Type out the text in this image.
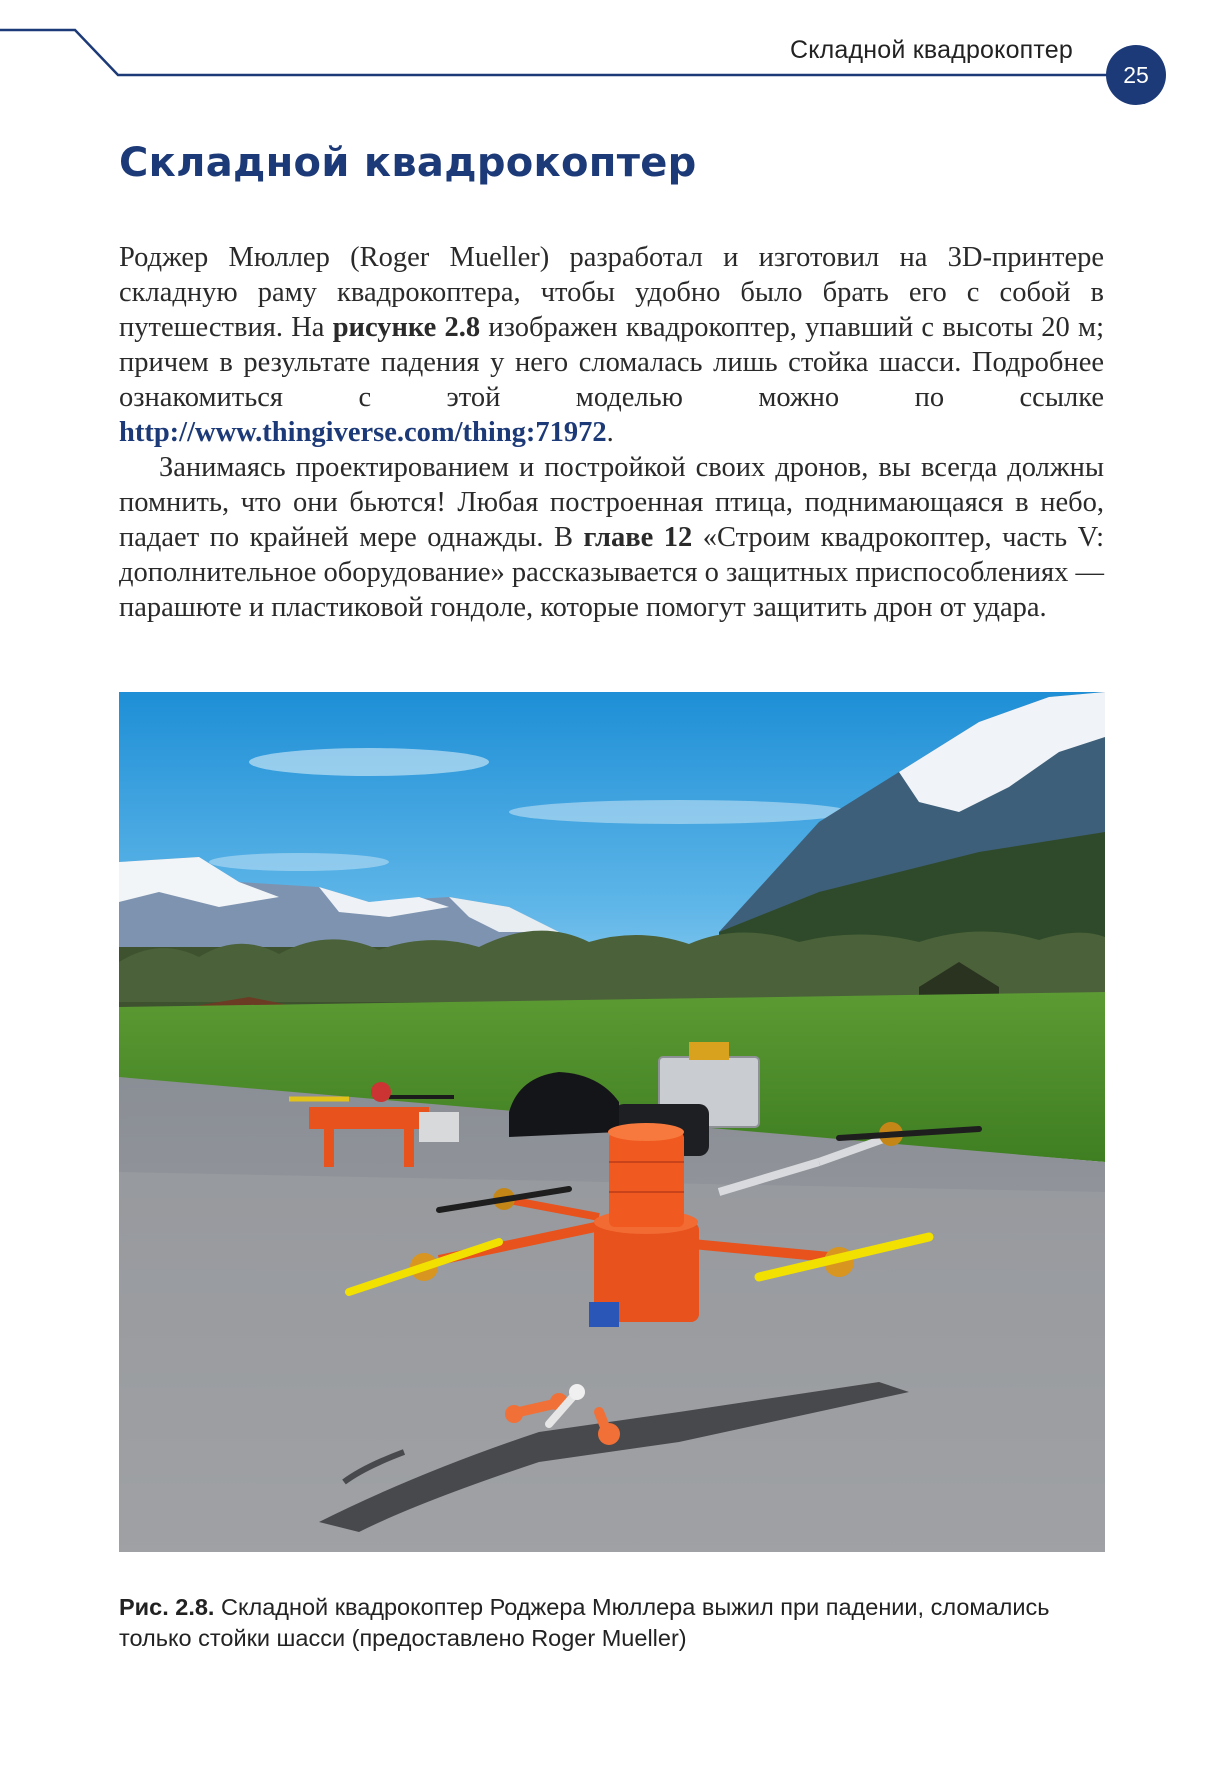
Складной квадрокоптер
25
Складной квадрокоптер

Роджер Мюллер (Roger Mueller) разработал и изготовил на 3D-принтере складную раму квадрокоптера, чтобы удобно было брать его с собой в путешествия. На рисунке 2.8 изображен квадрокоптер, упавший с высоты 20 м; причем в результате падения у него сломалась лишь стойка шасси. Подробнее ознакомиться с этой моделью можно по ссылке http://www.thingiverse.com/thing:71972.

Занимаясь проектированием и постройкой своих дронов, вы всегда должны помнить, что они бьются! Любая построенная птица, поднимающаяся в небо, падает по крайней мере однажды. В главе 12 «Строим квадрокоптер, часть V: дополнительное оборудование» рассказывается о защитных приспособлениях — парашюте и пластиковой гондоле, которые помогут защитить дрон от удара.

Рис. 2.8. Складной квадрокоптер Роджера Мюллера выжил при падении, сломались только стойки шасси (предоставлено Roger Mueller)
